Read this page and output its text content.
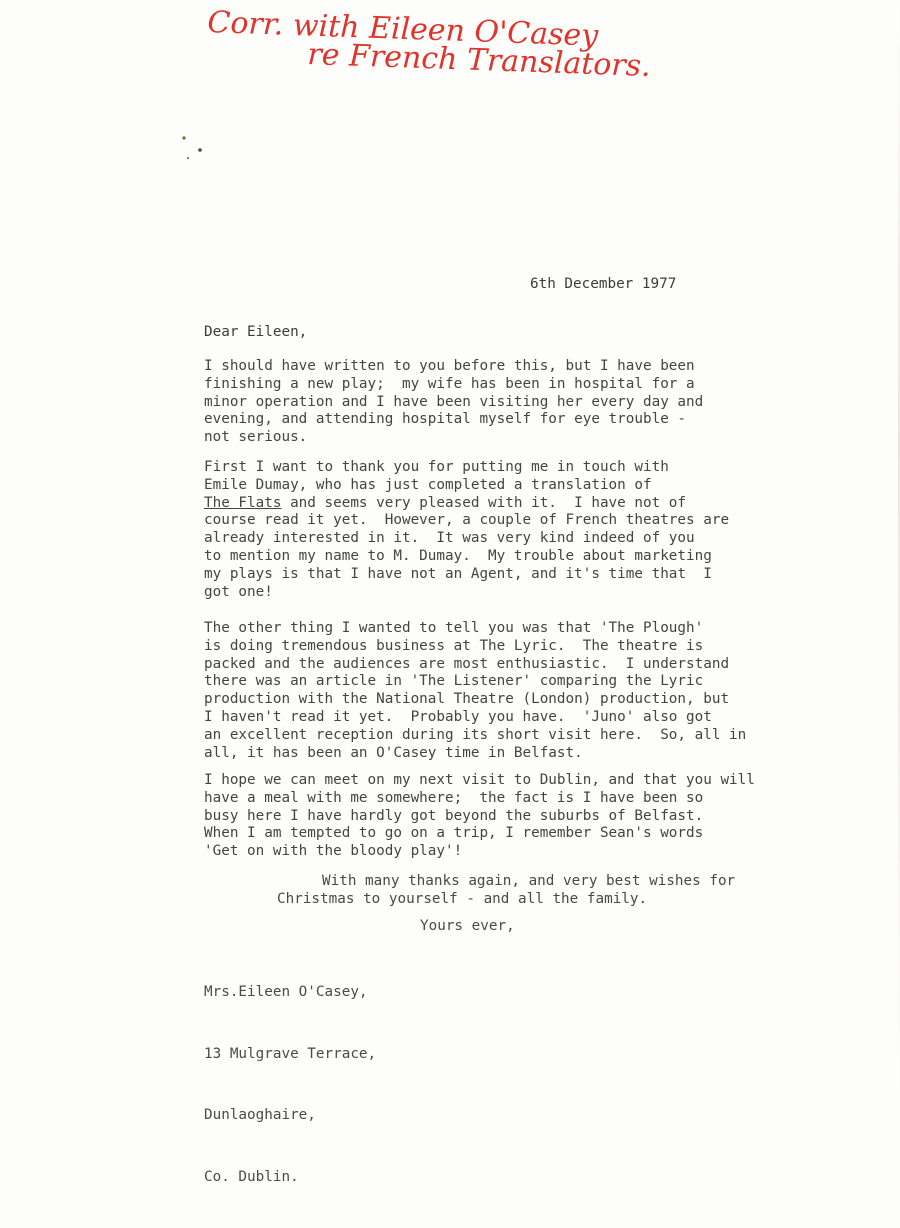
Corr. with Eileen O'Casey
re French Translators.
6th December 1977
Dear Eileen,
I should have written to you before this, but I have been
finishing a new play;  my wife has been in hospital for a
minor operation and I have been visiting her every day and
evening, and attending hospital myself for eye trouble -
not serious.
First I want to thank you for putting me in touch with
Emile Dumay, who has just completed a translation of
The Flats and seems very pleased with it.  I have not of
course read it yet.  However, a couple of French theatres are
already interested in it.  It was very kind indeed of you
to mention my name to M. Dumay.  My trouble about marketing
my plays is that I have not an Agent, and it's time that  I
got one!
The other thing I wanted to tell you was that 'The Plough'
is doing tremendous business at The Lyric.  The theatre is
packed and the audiences are most enthusiastic.  I understand
there was an article in 'The Listener' comparing the Lyric
production with the National Theatre (London) production, but
I haven't read it yet.  Probably you have.  'Juno' also got
an excellent reception during its short visit here.  So, all in
all, it has been an O'Casey time in Belfast.
I hope we can meet on my next visit to Dublin, and that you will
have a meal with me somewhere;  the fact is I have been so
busy here I have hardly got beyond the suburbs of Belfast.
When I am tempted to go on a trip, I remember Sean's words
'Get on with the bloody play'!
With many thanks again, and very best wishes for
Christmas to yourself - and all the family.
Yours ever,

Mrs.Eileen O'Casey,

13 Mulgrave Terrace,

Dunlaoghaire,

Co. Dublin.
